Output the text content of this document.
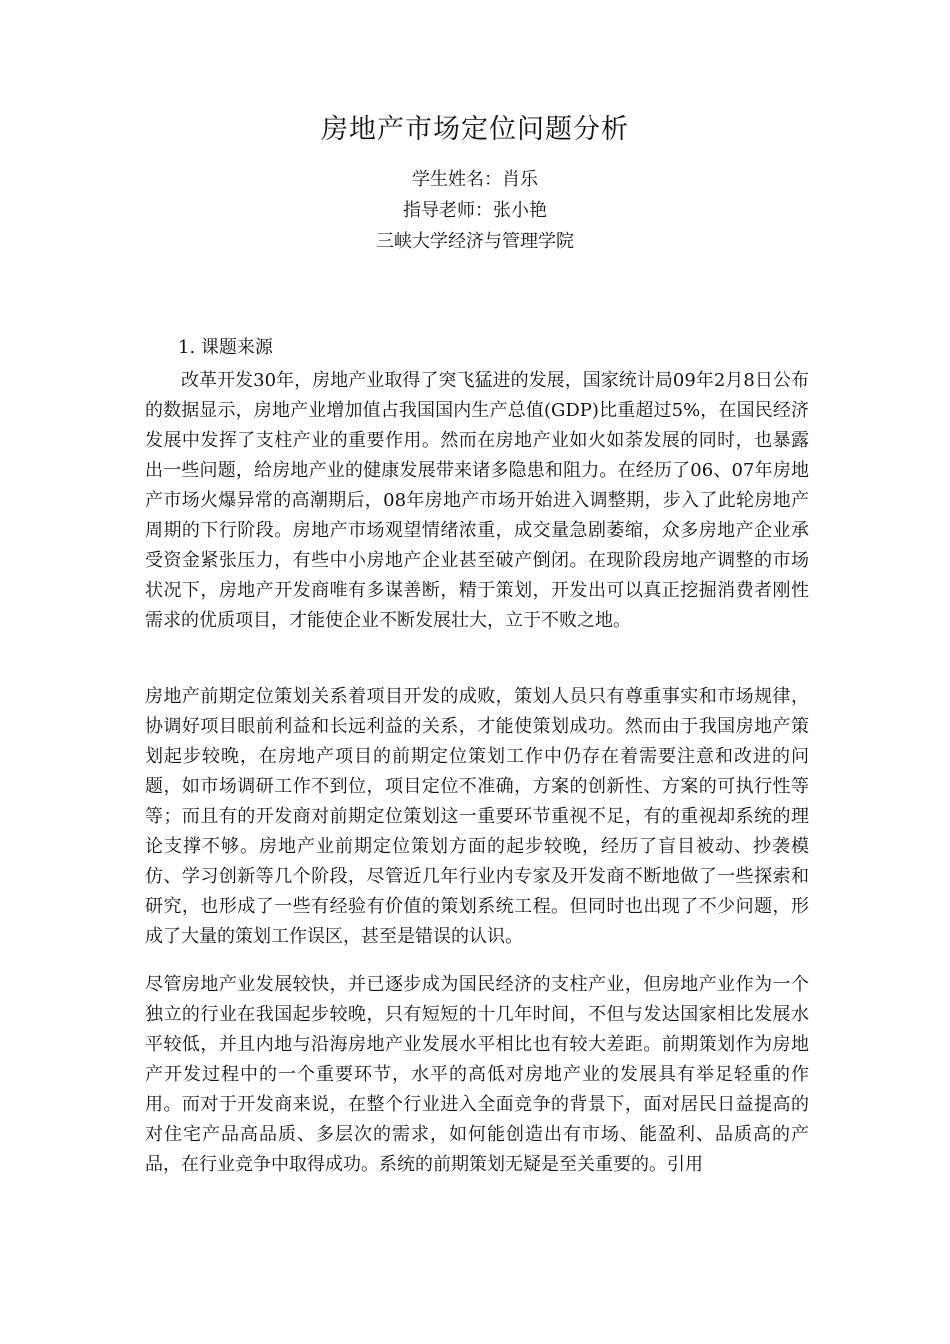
房地产市场定位问题分析
学生姓名：肖乐
指导老师：张小艳
三峡大学经济与管理学院
1. 课题来源

改革开发30年，房地产业取得了突飞猛进的发展，国家统计局09年2月8日公布的数据显示，房地产业增加值占我国国内生产总值(GDP)比重超过5%，在国民经济发展中发挥了支柱产业的重要作用。然而在房地产业如火如荼发展的同时，也暴露出一些问题，给房地产业的健康发展带来诸多隐患和阻力。在经历了06、07年房地产市场火爆异常的高潮期后，08年房地产市场开始进入调整期，步入了此轮房地产周期的下行阶段。房地产市场观望情绪浓重，成交量急剧萎缩，众多房地产企业承受资金紧张压力，有些中小房地产企业甚至破产倒闭。在现阶段房地产调整的市场状况下，房地产开发商唯有多谋善断，精于策划，开发出可以真正挖掘消费者刚性需求的优质项目，才能使企业不断发展壮大，立于不败之地。

房地产前期定位策划关系着项目开发的成败，策划人员只有尊重事实和市场规律，协调好项目眼前利益和长远利益的关系，才能使策划成功。然而由于我国房地产策划起步较晚，在房地产项目的前期定位策划工作中仍存在着需要注意和改进的问题，如市场调研工作不到位，项目定位不准确，方案的创新性、方案的可执行性等等；而且有的开发商对前期定位策划这一重要环节重视不足，有的重视却系统的理论支撑不够。房地产业前期定位策划方面的起步较晚，经历了盲目被动、抄袭模仿、学习创新等几个阶段，尽管近几年行业内专家及开发商不断地做了一些探索和研究，也形成了一些有经验有价值的策划系统工程。但同时也出现了不少问题，形成了大量的策划工作误区，甚至是错误的认识。

尽管房地产业发展较快，并已逐步成为国民经济的支柱产业，但房地产业作为一个独立的行业在我国起步较晚，只有短短的十几年时间，不但与发达国家相比发展水平较低，并且内地与沿海房地产业发展水平相比也有较大差距。前期策划作为房地产开发过程中的一个重要环节，水平的高低对房地产业的发展具有举足轻重的作用。而对于开发商来说，在整个行业进入全面竞争的背景下，面对居民日益提高的对住宅产品高品质、多层次的需求，如何能创造出有市场、能盈利、品质高的产品，在行业竞争中取得成功。系统的前期策划无疑是至关重要的。引用
